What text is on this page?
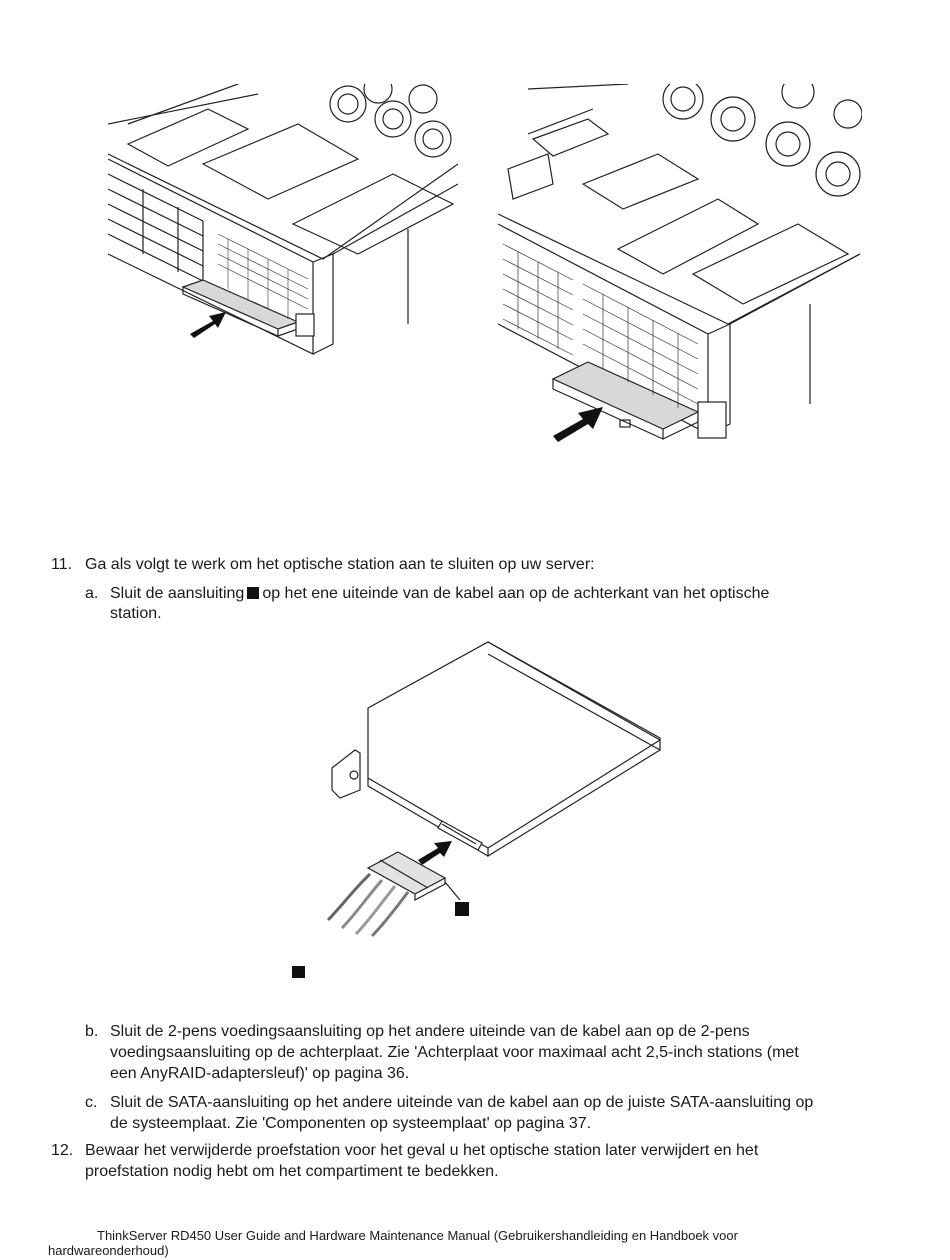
11. Ga als volgt te werk om het optische station aan te sluiten op uw server:
a. Sluit de aansluiting op het ene uiteinde van de kabel aan op de achterkant van het optische
station.
b. Sluit de 2-pens voedingsaansluiting op het andere uiteinde van de kabel aan op de 2-pens
voedingsaansluiting op de achterplaat. Zie 'Achterplaat voor maximaal acht 2,5-inch stations (met
een AnyRAID-adaptersleuf)' op pagina 36.
c. Sluit de SATA-aansluiting op het andere uiteinde van de kabel aan op de juiste SATA-aansluiting op
de systeemplaat. Zie 'Componenten op systeemplaat' op pagina 37.
12. Bewaar het verwijderde proefstation voor het geval u het optische station later verwijdert en het
proefstation nodig hebt om het compartiment te bedekken.
ThinkServer RD450 User Guide and Hardware Maintenance Manual (Gebruikershandleiding en Handboek voor
hardwareonderhoud)
